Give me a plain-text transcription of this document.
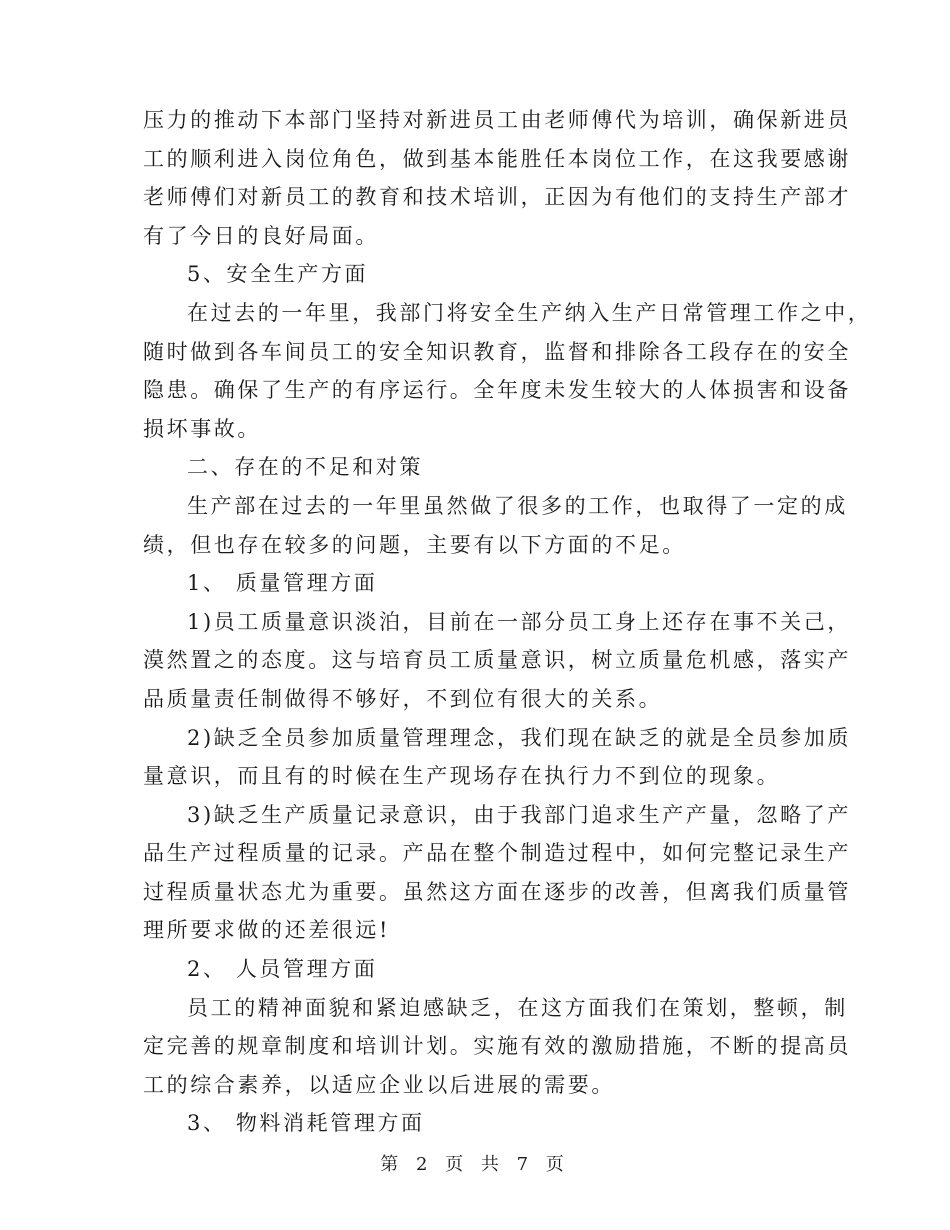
压力的推动下本部门坚持对新进员工由老师傅代为培训，确保新进员
工的顺利进入岗位角色，做到基本能胜任本岗位工作，在这我要感谢
老师傅们对新员工的教育和技术培训，正因为有他们的支持生产部才
有了今日的良好局面。
5、安全生产方面
在过去的一年里，我部门将安全生产纳入生产日常管理工作之中，
随时做到各车间员工的安全知识教育，监督和排除各工段存在的安全
隐患。确保了生产的有序运行。全年度未发生较大的人体损害和设备
损坏事故。
二、存在的不足和对策
生产部在过去的一年里虽然做了很多的工作，也取得了一定的成
绩，但也存在较多的问题，主要有以下方面的不足。
1、 质量管理方面
1)员工质量意识淡泊，目前在一部分员工身上还存在事不关己，
漠然置之的态度。这与培育员工质量意识，树立质量危机感，落实产
品质量责任制做得不够好，不到位有很大的关系。
2)缺乏全员参加质量管理理念，我们现在缺乏的就是全员参加质
量意识，而且有的时候在生产现场存在执行力不到位的现象。
3)缺乏生产质量记录意识，由于我部门追求生产产量，忽略了产
品生产过程质量的记录。产品在整个制造过程中，如何完整记录生产
过程质量状态尤为重要。虽然这方面在逐步的改善，但离我们质量管
理所要求做的还差很远!
2、 人员管理方面
员工的精神面貌和紧迫感缺乏，在这方面我们在策划，整顿，制
定完善的规章制度和培训计划。实施有效的激励措施，不断的提高员
工的综合素养，以适应企业以后进展的需要。
3、 物料消耗管理方面
第 2 页 共 7 页
